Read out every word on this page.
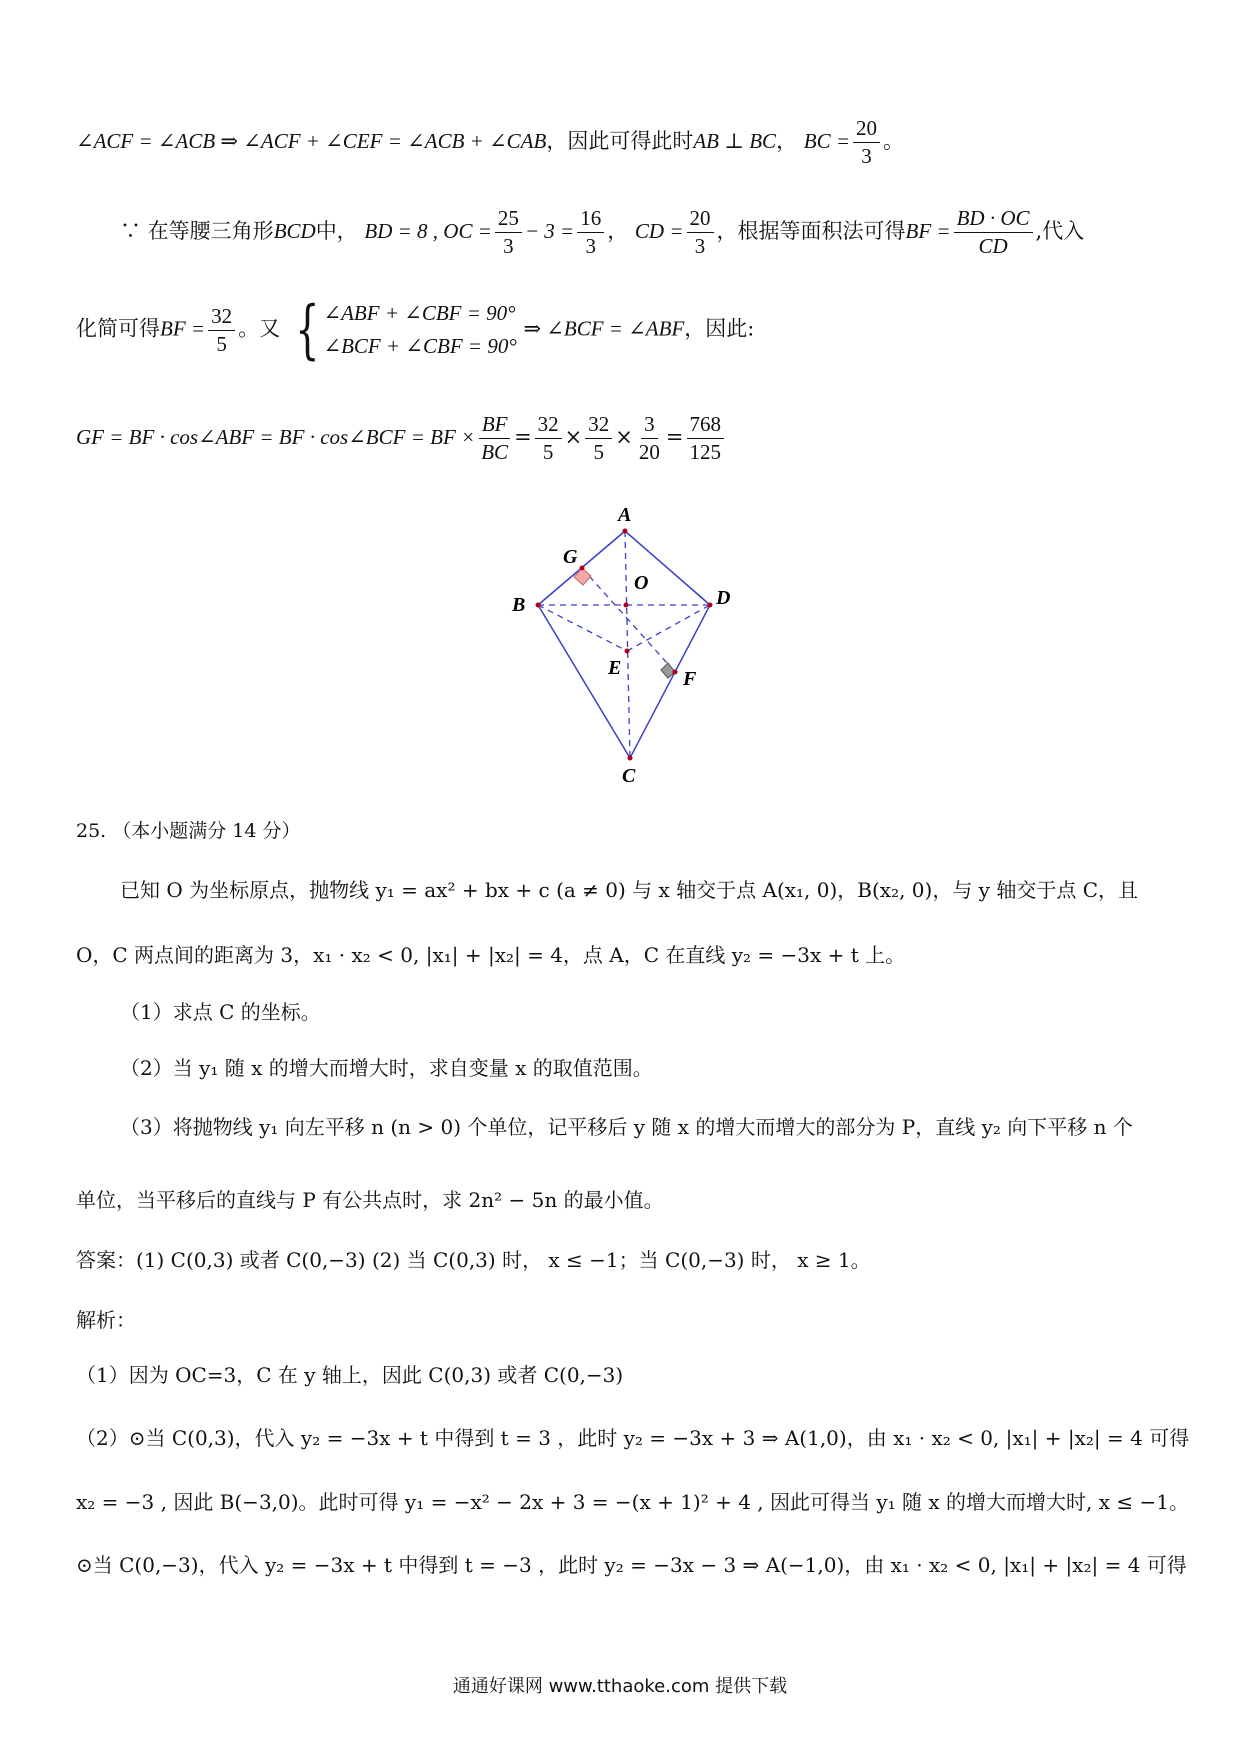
∠ACF = ∠ACB ⇒ ∠ACF + ∠CEF = ∠ACB + ∠CAB，因此可得此时AB ⊥ BC， BC = $\frac{20}{3}$ 。
∵ 在等腰三角形BCD中， BD = 8 , OC = $\frac{25}{3} - 3 = \frac{16}{3}$ ， CD = $\frac{20}{3}$ ，根据等面积法可得BF = $\frac{BD \cdot OC}{CD}$ ,代入
化简可得BF = $\frac{32}{5}$ 。又 { ∠ABF + ∠CBF = 90°
∠BCF + ∠CBF = 90°
⇒ ∠BCF = ∠ABF，因此:
GF = BF · cos∠ABF = BF · cos∠BCF = BF × $\frac{BF}{BC} = \frac{32}{5} \times \frac{32}{5} \times \frac{3}{20} = \frac{768}{125}$
A
B
C
D
E	F
G
O
25. （本小题满分 14 分）
已知 O 为坐标原点，抛物线 y₁ = ax² + bx + c (a ≠ 0) 与 x 轴交于点 A(x₁, 0)，B(x₂, 0)，与 y 轴交于点 C，且
O，C 两点间的距离为 3，x₁ · x₂ < 0, |x₁| + |x₂| = 4，点 A，C 在直线 y₂ = −3x + t 上。
（1）求点 C 的坐标。
（2）当 y₁ 随 x 的增大而增大时，求自变量 x 的取值范围。
（3）将抛物线 y₁ 向左平移 n (n > 0) 个单位，记平移后 y 随 x 的增大而增大的部分为 P，直线 y₂ 向下平移 n 个
单位，当平移后的直线与 P 有公共点时，求 2n² − 5n 的最小值。
答案：(1) C(0,3) 或者 C(0,−3) (2) 当 C(0,3) 时， x ≤ −1；当 C(0,−3) 时， x ≥ 1。
解析：
（1）因为 OC=3，C 在 y 轴上，因此 C(0,3) 或者 C(0,−3)
（2）⊙当 C(0,3)，代入 y₂ = −3x + t 中得到 t = 3 ，此时 y₂ = −3x + 3 ⇒ A(1,0)，由 x₁ · x₂ < 0, |x₁| + |x₂| = 4 可得
x₂ = −3 , 因此 B(−3,0)。此时可得 y₁ = −x² − 2x + 3 = −(x + 1)² + 4 , 因此可得当 y₁ 随 x 的增大而增大时, x ≤ −1。
⊙当 C(0,−3)，代入 y₂ = −3x + t 中得到 t = −3 ，此时 y₂ = −3x − 3 ⇒ A(−1,0)，由 x₁ · x₂ < 0, |x₁| + |x₂| = 4 可得
通通好课网 www.tthaoke.com 提供下载
